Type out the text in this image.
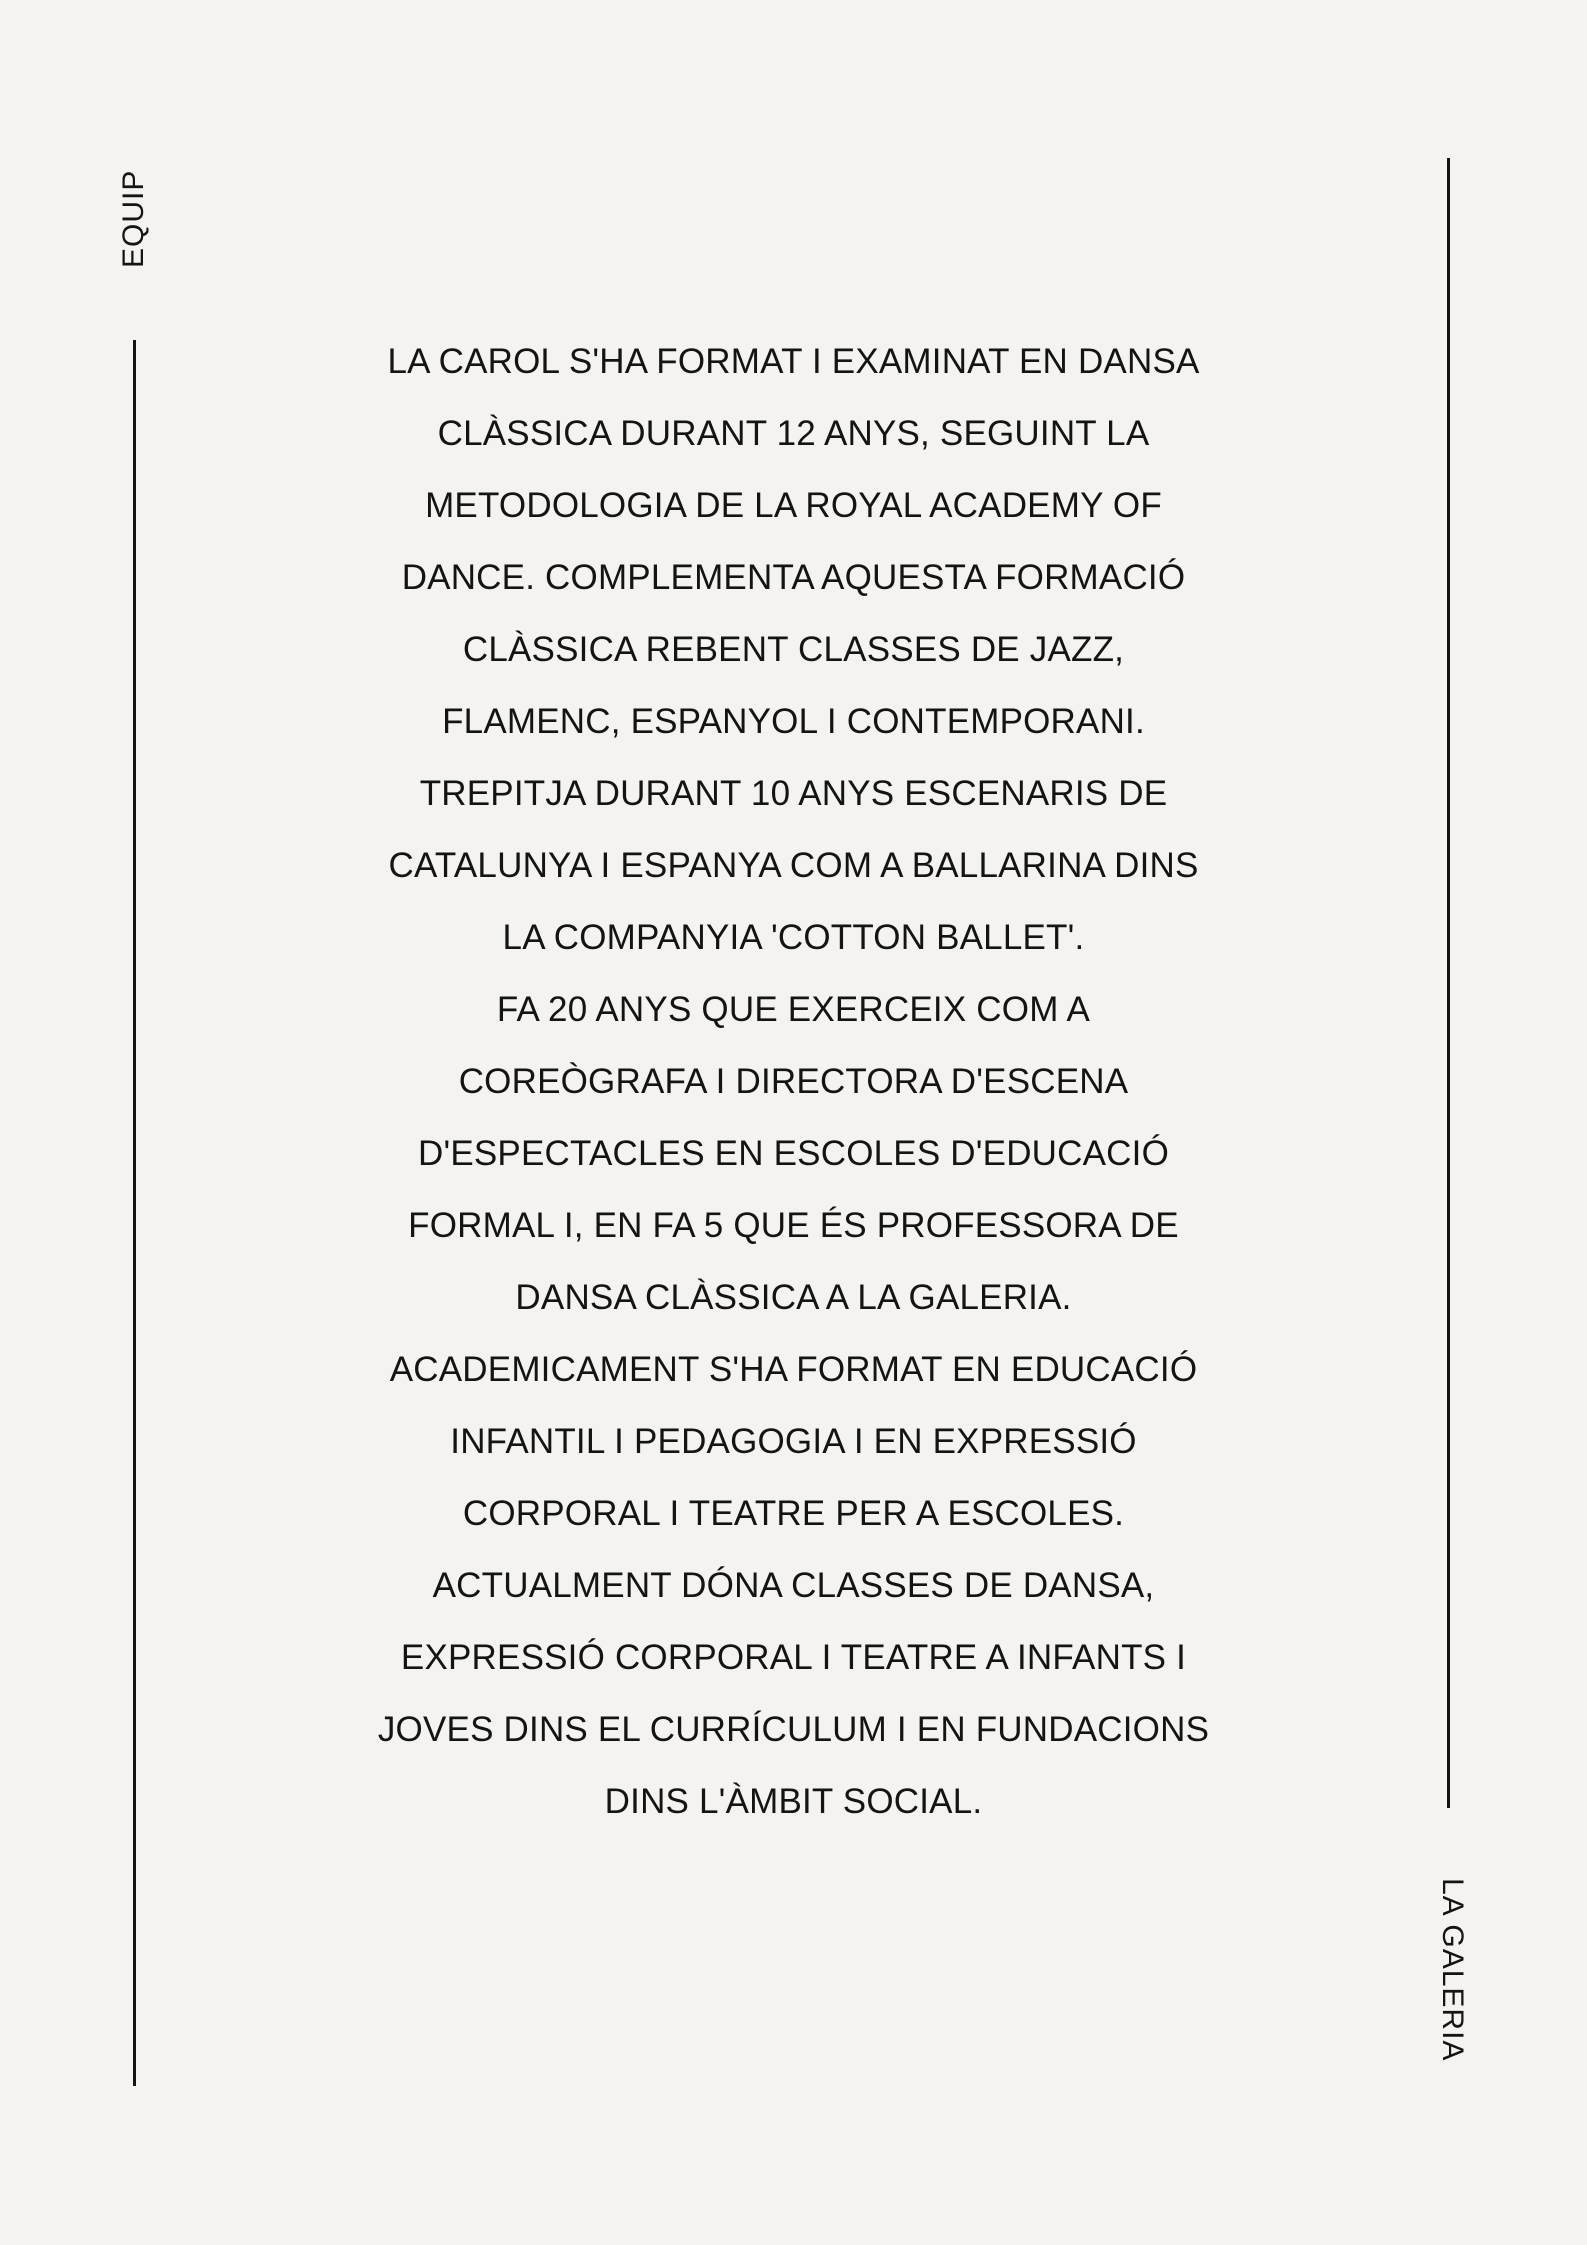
EQUIP
LA GALERIA

LA CAROL S'HA FORMAT I EXAMINAT EN DANSA
CLÀSSICA DURANT 12 ANYS, SEGUINT LA
METODOLOGIA DE LA ROYAL ACADEMY OF
DANCE. COMPLEMENTA AQUESTA FORMACIÓ
CLÀSSICA REBENT CLASSES DE JAZZ,
FLAMENC, ESPANYOL I CONTEMPORANI.
TREPITJA DURANT 10 ANYS ESCENARIS DE
CATALUNYA I ESPANYA COM A BALLARINA DINS
LA COMPANYIA 'COTTON BALLET'.
FA 20 ANYS QUE EXERCEIX COM A
COREÒGRAFA I DIRECTORA D'ESCENA
D'ESPECTACLES EN ESCOLES D'EDUCACIÓ
FORMAL I, EN FA 5 QUE ÉS PROFESSORA DE
DANSA CLÀSSICA A LA GALERIA.
ACADEMICAMENT S'HA FORMAT EN EDUCACIÓ
INFANTIL I PEDAGOGIA I EN EXPRESSIÓ
CORPORAL I TEATRE PER A ESCOLES.
ACTUALMENT DÓNA CLASSES DE DANSA,
EXPRESSIÓ CORPORAL I TEATRE A INFANTS I
JOVES DINS EL CURRÍCULUM I EN FUNDACIONS
DINS L'ÀMBIT SOCIAL.
